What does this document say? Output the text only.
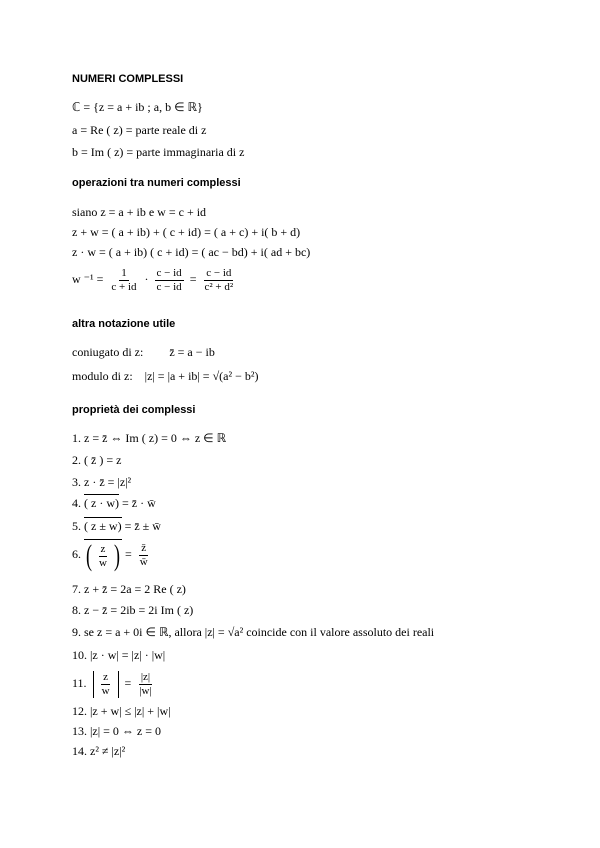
NUMERI COMPLESSI
ℂ = {z = a + ib ; a, b ∈ ℝ}
a = Re ( z) = parte reale di z
b = Im ( z) = parte immaginaria di z
operazioni tra numeri complessi
siano z = a + ib e w = c + id
z + w = ( a + ib) + ( c + id) = ( a + c) + i( b + d)
z · w = ( a + ib) ( c + id) = ( ac − bd) + i( ad + bc)
w $^{-1} = \frac{1}{c + id} \cdot \frac{c - id}{c - id} = \frac{c - id}{\text{c² + d²}}$
altra notazione utile
coniugato di z: z̄ = a − ib
modulo di z: |z| = |a + ib| = √(a² − b²)
proprietà dei complessi
1. z = z̄ ⇔ Im ( z) = 0 ⇔ z ∈ ℝ
2. ( z̄ ) = z
3. z · z̄ = |z|²
4. ( z · w) = z̄ · w̄
5. ( z ± w) = z̄ ± w̄
6. ( $\frac{z}{w}$ ) = $\frac{z̄}{w̄}$
7. z + z̄ = 2a = 2 Re ( z)
8. z − z̄ = 2ib = 2i Im ( z)
9. se z = a + 0i ∈ ℝ, allora |z| = √a² coincide con il valore assoluto dei reali
10. |z · w| = |z| · |w|
11. $\frac{z}{w} = \frac{|z|}{|w|}$
12. |z + w| ≤ |z| + |w|
13. |z| = 0 ⇔ z = 0
14. z² ≠ |z|²
